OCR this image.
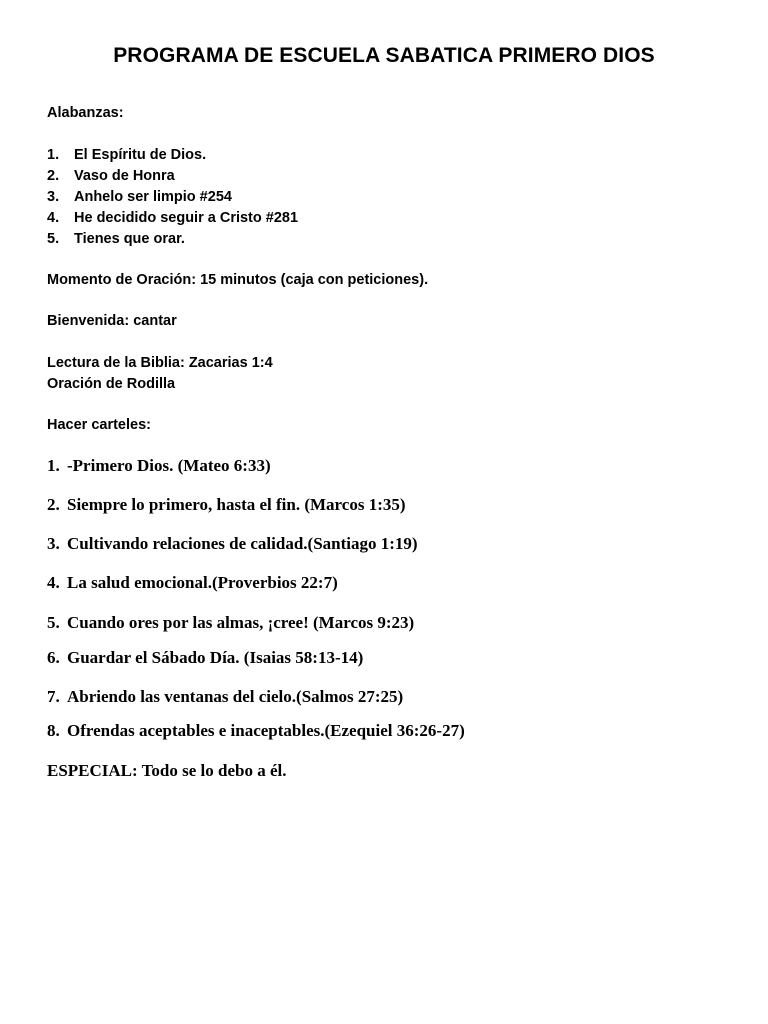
PROGRAMA DE ESCUELA SABATICA PRIMERO DIOS
Alabanzas:
1. El Espíritu de Dios.
2. Vaso de Honra
3. Anhelo ser limpio #254
4. He decidido seguir a Cristo #281
5. Tienes que orar.
Momento de Oración: 15 minutos (caja con peticiones).
Bienvenida: cantar
Lectura de la Biblia: Zacarias 1:4
Oración de Rodilla
Hacer carteles:
1. -Primero Dios. (Mateo 6:33)
2. Siempre lo primero, hasta el fin. (Marcos 1:35)
3. Cultivando relaciones de calidad.(Santiago 1:19)
4. La salud emocional.(Proverbios 22:7)
5. Cuando ores por las almas, ¡cree! (Marcos 9:23)
6. Guardar el Sábado Día. (Isaias 58:13-14)
7. Abriendo las ventanas del cielo.(Salmos 27:25)
8. Ofrendas aceptables e inaceptables.(Ezequiel 36:26-27)
ESPECIAL: Todo se lo debo a él.
